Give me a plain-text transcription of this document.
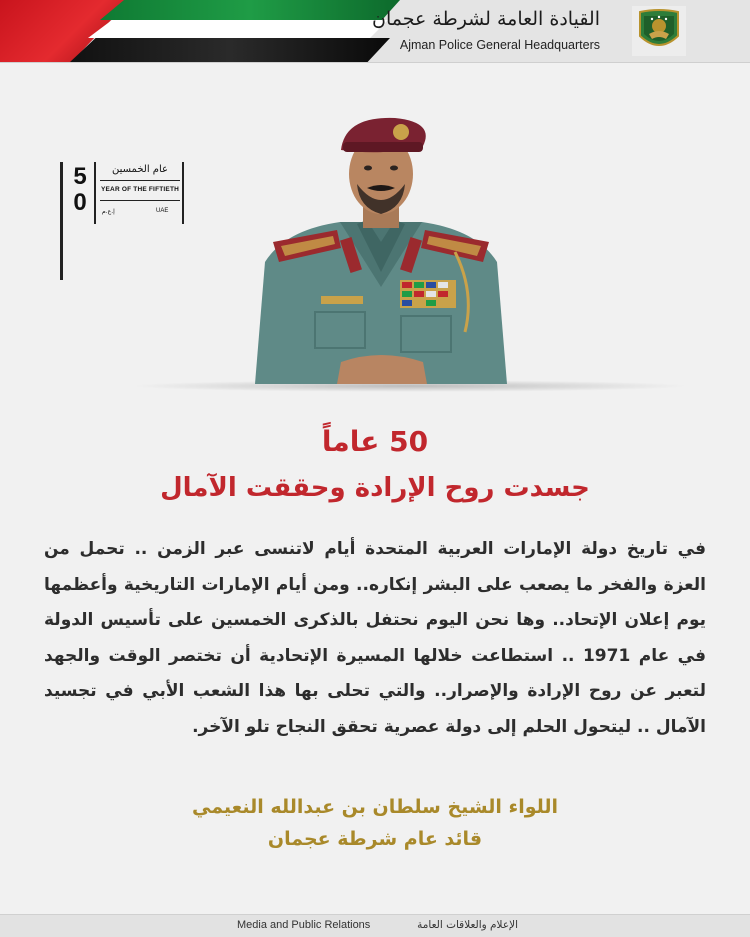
القيادة العامة لشرطة عجمان
Ajman Police General Headquarters
50
عام الخمسين
YEAR OF THE FIFTIETH
إ.ع.م	UAE
50 عاماً
جسدت روح الإرادة وحققت الآمال
في تاريخ دولة الإمارات العربية المتحدة أيام لاتنسى عبر الزمن .. تحمل من العزة والفخر ما يصعب على البشر إنكاره.. ومن أيام الإمارات التاريخية وأعظمها يوم إعلان الإتحاد.. وها نحن اليوم نحتفل بالذكرى الخمسين على تأسيس الدولة في عام 1971 .. استطاعت خلالها المسيرة الإتحادية أن تختصر الوقت والجهد لتعبر عن روح الإرادة والإصرار.. والتي تحلى بها هذا الشعب الأبي في تجسيد الآمال .. ليتحول الحلم إلى دولة عصرية تحقق النجاح تلو الآخر.
اللواء الشيخ سلطان بن عبدالله النعيمي
قائد عام شرطة عجمان
Media and Public Relations	الإعلام والعلاقات العامة
